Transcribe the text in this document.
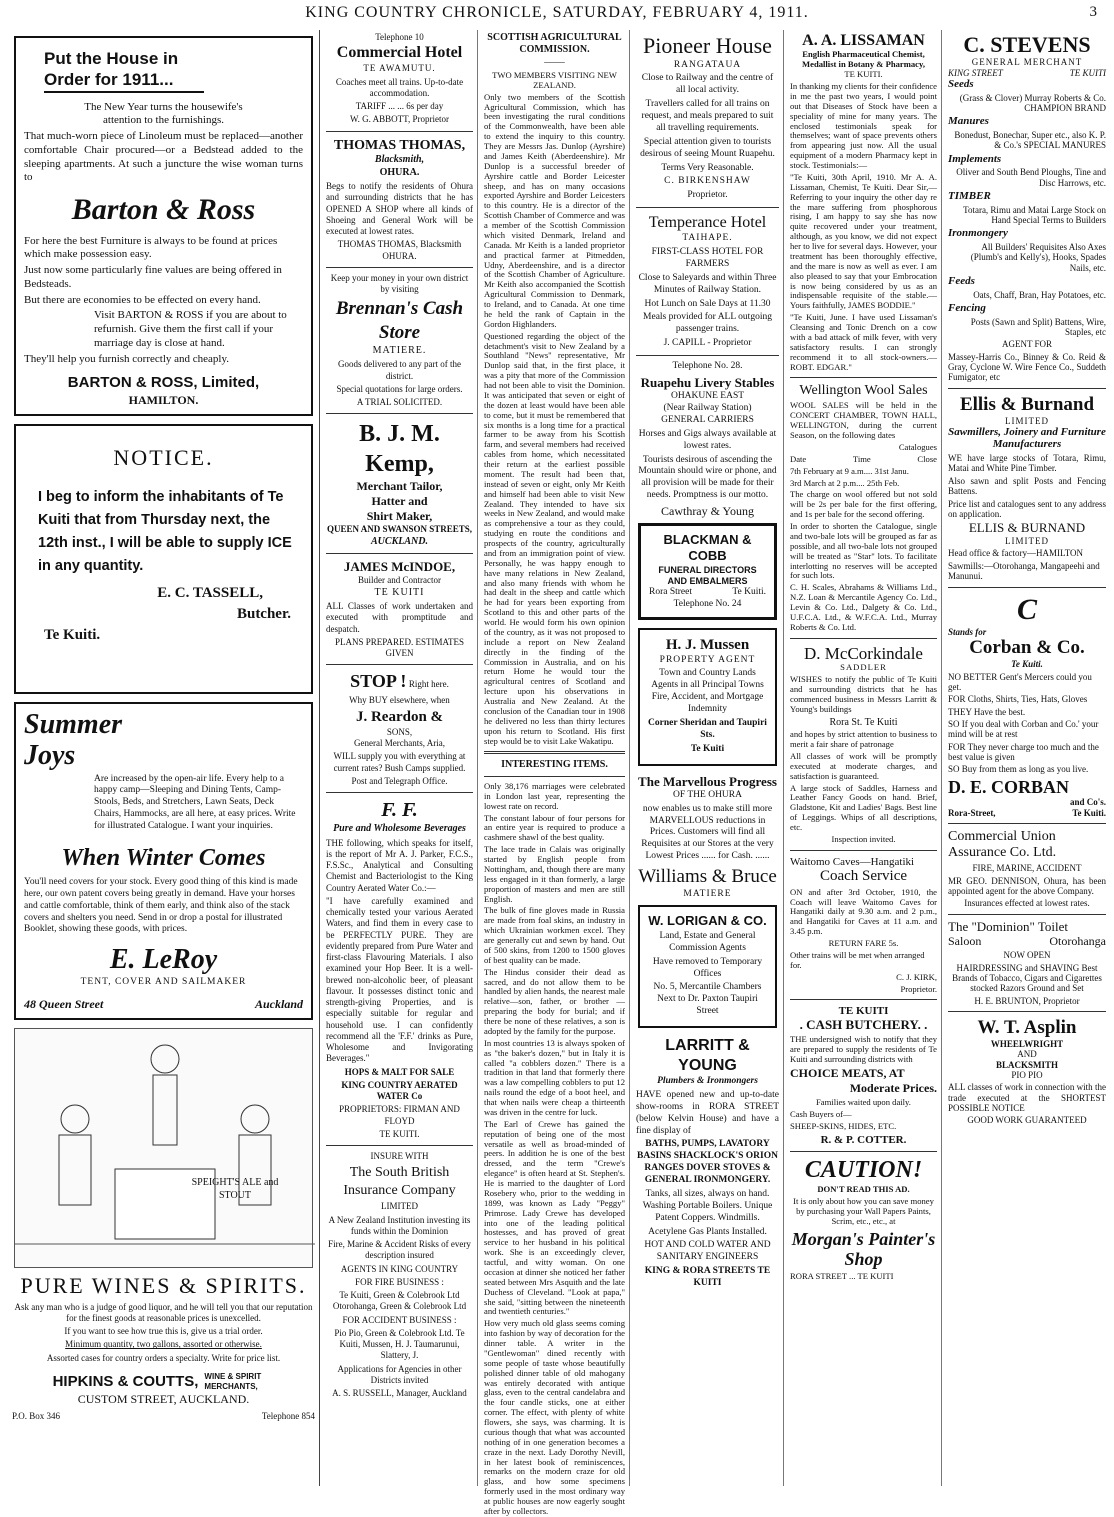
KING COUNTRY CHRONICLE, SATURDAY, FEBRUARY 4, 1911.	3
Put the House in Order for 1911...

The New Year turns the housewife's attention to the furnishings.

That much-worn piece of Linoleum must be replaced—another comfortable Chair procured—or a Bedstead added to the sleeping apartments. At such a juncture the wise woman turns to

Barton & Ross

For here the best Furniture is always to be found at prices which make possession easy.

Just now some particularly fine values are being offered in Bedsteads.

But there are economies to be effected on every hand.

Visit BARTON & ROSS if you are about to refurnish. Give them the first call if your marriage day is close at hand.

They'll help you furnish correctly and cheaply.

BARTON & ROSS, Limited,
HAMILTON.
NOTICE.

I beg to inform the inhabitants of Te Kuiti that from Thursday next, the 12th inst., I will be able to supply ICE in any quantity.

E. C. TASSELL,

Butcher.

Te Kuiti.

Summer Joys

Are increased by the open-air life. Every help to a happy camp—Sleeping and Dining Tents, Camp-Stools, Beds, and Stretchers, Lawn Seats, Deck Chairs, Hammocks, are all here, at easy prices. Write for illustrated Catalogue. I want your inquiries.

When Winter Comes

You'll need covers for your stock. Every good thing of this kind is made here, our own patent covers being greatly in demand. Have your horses and cattle comfortable, think of them early, and think also of the stack covers and shelters you need. Send in or drop a postal for illustrated Booklet, showing these goods, with prices.

E. LeRoy
TENT, COVER AND SAILMAKER
48 Queen Street	Auckland
SPEIGHT'S ALE and STOUT
PURE WINES & SPIRITS.

Ask any man who is a judge of good liquor, and he will tell you that our reputation for the finest goods at reasonable prices is unexcelled.

If you want to see how true this is, give us a trial order.

Minimum quantity, two gallons, assorted or otherwise.

Assorted cases for country orders a specialty. Write for price list.

HIPKINS & COUTTS, WINE & SPIRIT MERCHANTS,
CUSTOM STREET, AUCKLAND.
P.O. Box 346	Telephone 854
Telephone 10
Commercial Hotel
TE AWAMUTU.

Coaches meet all trains. Up-to-date accommodation.

TARIFF ... ... 6s per day

W. G. ABBOTT, Proprietor

THOMAS THOMAS,
Blacksmith,
OHURA.

Begs to notify the residents of Ohura and surrounding districts that he has OPENED A SHOP where all kinds of Shoeing and General Work will be executed at lowest rates.

THOMAS THOMAS, Blacksmith OHURA.

Keep your money in your own district by visiting

Brennan's Cash Store
MATIERE.

Goods delivered to any part of the district.

Special quotations for large orders.

A TRIAL SOLICITED.

B. J. M. Kemp,
Merchant Tailor,
Hatter and
Shirt Maker,
QUEEN AND SWANSON STREETS,
AUCKLAND.
JAMES McINDOE,
Builder and Contractor
TE KUITI

ALL Classes of work undertaken and executed with promptitude and despatch.

PLANS PREPARED. ESTIMATES GIVEN

STOP ! Right here.

Why BUY elsewhere, when

J. Reardon &
SONS,
General Merchants, Aria,

WILL supply you with everything at current rates? Bush Camps supplied.

Post and Telegraph Office.

F. F.
Pure and Wholesome Beverages

THE following, which speaks for itself, is the report of Mr A. J. Parker, F.C.S., F.S.Sc., Analytical and Consulting Chemist and Bacteriologist to the King Country Aerated Water Co.:—

"I have carefully examined and chemically tested your various Aerated Waters, and find them in every case to be PERFECTLY PURE. They are evidently prepared from Pure Water and first-class Flavouring Materials. I also examined your Hop Beer. It is a well-brewed non-alcoholic beer, of pleasant flavour. It possesses distinct tonic and strength-giving Properties, and is especially suitable for regular and household use. I can confidently recommend all the 'F.F.' drinks as Pure, Wholesome and Invigorating Beverages."

HOPS & MALT FOR SALE

KING COUNTRY AERATED WATER Co

PROPRIETORS: FIRMAN AND FLOYD

TE KUITI.

INSURE WITH

The South British Insurance Company

LIMITED

A New Zealand Institution investing its funds within the Dominion

Fire, Marine & Accident Risks of every description insured

AGENTS IN KING COUNTRY

FOR FIRE BUSINESS :

Te Kuiti, Green & Colebrook Ltd Otorohanga, Green & Colebrook Ltd

FOR ACCIDENT BUSINESS :

Pio Pio, Green & Colebrook Ltd. Te Kuiti, Mussen, H. J. Taumarunui, Slattery, J.

Applications for Agencies in other Districts invited

A. S. RUSSELL, Manager, Auckland

SCOTTISH AGRICULTURAL COMMISSION.
⸻
TWO MEMBERS VISITING NEW ZEALAND.

Only two members of the Scottish Agricultural Commission, which has been investigating the rural conditions of the Commonwealth, have been able to extend the inquiry to this country. They are Messrs Jas. Dunlop (Ayrshire) and James Keith (Aberdeenshire). Mr Dunlop is a successful breeder of Ayrshire cattle and Border Leicester sheep, and has on many occasions exported Ayrshire and Border Leicesters to this country. He is a director of the Scottish Chamber of Commerce and was a member of the Scottish Commission which visited Denmark, Ireland and Canada. Mr Keith is a landed proprietor and practical farmer at Pitmedden, Udny, Aberdeenshire, and is a director of the Scottish Chamber of Agriculture. Mr Keith also accompanied the Scottish Agricultural Commission to Denmark, to Ireland, and to Canada. At one time he held the rank of Captain in the Gordon Highlanders.

Questioned regarding the object of the detachment's visit to New Zealand by a Southland "News" representative, Mr Dunlop said that, in the first place, it was a pity that more of the Commission had not been able to visit the Dominion. It was anticipated that seven or eight of the dozen at least would have been able to come, but it must be remembered that six months is a long time for a practical farmer to be away from his Scottish farm, and several members had received cables from home, which necessitated their return at the earliest possible moment. The result had been that, instead of seven or eight, only Mr Keith and himself had been able to visit New Zealand. They intended to have six weeks in New Zealand, and would make as comprehensive a tour as they could, studying en route the conditions and prospects of the country, agriculturally and from an immigration point of view. Personally, he was happy enough to have many relations in New Zealand, and also many friends with whom he had dealt in the sheep and cattle which he had for years been exporting from Scotland to this and other parts of the world. He would form his own opinion of the country, as it was not proposed to include a report on New Zealand directly in the finding of the Commission in Australia, and on his return Home he would tour the agricultural centres of Scotland and lecture upon his observations in Australia and New Zealand. At the conclusion of the Canadian tour in 1908 he delivered no less than thirty lectures upon his return to Scotland. His first step would be to visit Lake Wakatipu.

INTERESTING ITEMS.

Only 38,176 marriages were celebrated in London last year, representing the lowest rate on record.

The constant labour of four persons for an entire year is required to produce a cashmere shawl of the best quality.

The lace trade in Calais was originally started by English people from Nottingham, and, though there are many less engaged in it than formerly, a large proportion of masters and men are still English.

The bulk of fine gloves made in Russia are made from foal skins, an industry in which Ukrainian workmen excel. They are generally cut and sewn by hand. Out of 500 skins, from 1200 to 1500 gloves of best quality can be made.

The Hindus consider their dead as sacred, and do not allow them to be handled by alien hands, the nearest male relative—son, father, or brother —preparing the body for burial; and if there be none of these relatives, a son is adopted by the family for the purpose.

In most countries 13 is always spoken of as "the baker's dozen," but in Italy it is called "a cobblers dozen." There is a tradition in that land that formerly there was a law compelling cobblers to put 12 nails round the edge of a boot heel, and that when nails were cheap a thirteenth was driven in the centre for luck.

The Earl of Crewe has gained the reputation of being one of the most versatile as well as broad-minded of peers. In addition he is one of the best dressed, and the term "Crewe's elegance" is often heard at St. Stephen's. He is married to the daughter of Lord Rosebery who, prior to the wedding in 1899, was known as Lady "Peggy" Primrose. Lady Crewe has developed into one of the leading political hostesses, and has proved of great service to her husband in his political work. She is an exceedingly clever, tactful, and witty woman. On one occasion at dinner she noticed her father seated between Mrs Asquith and the late Duchess of Cleveland. "Look at papa," she said, "sitting between the nineteenth and twentieth centuries."

How very much old glass seems coming into fashion by way of decoration for the dinner table. A writer in the "Gentlewoman" dined recently with some people of taste whose beautifully polished dinner table of old mahogany was entirely decorated with antique glass, even to the central candelabra and the four candle sticks, one at either corner. The effect, with plenty of white flowers, she says, was charming. It is curious though that what was accounted nothing of in one generation becomes a craze in the next. Lady Dorothy Nevill, in her latest book of reminiscences, remarks on the modern craze for old glass, and how some specimens formerly used in the most ordinary way at public houses are now eagerly sought after by collectors.

Pioneer House
RANGATAUA

Close to Railway and the centre of all local activity.

Travellers called for all trains on request, and meals prepared to suit all travelling requirements.

Special attention given to tourists desirous of seeing Mount Ruapehu.

Terms Very Reasonable.

C. BIRKENSHAW

Proprietor.

Temperance Hotel
TAIHAPE.

FIRST-CLASS HOTEL FOR FARMERS

Close to Saleyards and within Three Minutes of Railway Station.

Hot Lunch on Sale Days at 11.30

Meals provided for ALL outgoing passenger trains.

J. CAPILL - Proprietor

Telephone No. 28.

Ruapehu Livery Stables
OHAKUNE EAST
(Near Railway Station)
GENERAL CARRIERS

Horses and Gigs always available at lowest rates.

Tourists desirous of ascending the Mountain should wire or phone, and all provision will be made for their needs. Promptness is our motto.

Cawthray & Young

BLACKMAN & COBB
FUNERAL DIRECTORS
AND EMBALMERS
Rora Street	Te Kuiti.
Telephone No. 24
H. J. Mussen
PROPERTY AGENT

Town and Country Lands Agents in all Principal Towns Fire, Accident, and Mortgage Indemnity

Corner Sheridan and Taupiri Sts.

Te Kuiti

The Marvellous Progress
OF THE OHURA

now enables us to make still more MARVELLOUS reductions in Prices. Customers will find all Requisites at our Stores at the very Lowest Prices ...... for Cash. ......

Williams & Bruce
MATIERE
W. LORIGAN & CO.

Land, Estate and General Commission Agents

Have removed to Temporary Offices

No. 5, Mercantile Chambers Next to Dr. Paxton Taupiri Street

LARRITT & YOUNG
Plumbers & Ironmongers

HAVE opened new and up-to-date show-rooms in RORA STREET (below Kelvin House) and have a fine display of

BATHS, PUMPS, LAVATORY BASINS SHACKLOCK'S ORION RANGES DOVER STOVES & GENERAL IRONMONGERY.

Tanks, all sizes, always on hand. Washing Portable Boilers. Unique Patent Coppers. Windmills.

Acetylene Gas Plants Installed.

HOT AND COLD WATER AND SANITARY ENGINEERS

KING & RORA STREETS TE KUITI

A. A. LISSAMAN
English Pharmaceutical Chemist, Medallist in Botany & Pharmacy,
TE KUITI.

In thanking my clients for their confidence in me the past two years, I would point out that Diseases of Stock have been a speciality of mine for many years. The enclosed testimonials speak for themselves; want of space prevents others from appearing just now. All the usual equipment of a modern Pharmacy kept in stock. Testimonials:—

"Te Kuiti, 30th April, 1910. Mr A. A. Lissaman, Chemist, Te Kuiti. Dear Sir,—Referring to your inquiry the other day re the mare suffering from phosphorous rising, I am happy to say she has now quite recovered under your treatment, although, as you know, we did not expect her to live for several days. However, your treatment has been thoroughly effective, and the mare is now as well as ever. I am also pleased to say that your Embrocation is now being considered by us as an indispensable requisite of the stable.—Yours faithfully, JAMES BODDIE."

"Te Kuiti, June. I have used Lissaman's Cleansing and Tonic Drench on a cow with a bad attack of milk fever, with very satisfactory results. I can strongly recommend it to all stock-owners.—ROBT. EDGAR."

Wellington Wool Sales

WOOL SALES will be held in the CONCERT CHAMBER, TOWN HALL, WELLINGTON, during the current Season, on the following dates

Catalogues

Date	Time	Close

7th February at 9 a.m.... 31st Janu.

3rd March at 2 p.m.... 25th Feb.

The charge on wool offered but not sold will be 2s per bale for the first offering, and 1s per bale for the second offering.

In order to shorten the Catalogue, single and two-bale lots will be grouped as far as possible, and all two-bale lots not grouped will be treated as "Star" lots. To facilitate interlotting no reserves will be accepted for such lots.

C. H. Scales, Abrahams & Williams Ltd., N.Z. Loan & Mercantile Agency Co. Ltd., Levin & Co. Ltd., Dalgety & Co. Ltd., U.F.C.A. Ltd., & W.F.C.A. Ltd., Murray Roberts & Co. Ltd.

D. McCorkindale
SADDLER

WISHES to notify the public of Te Kuiti and surrounding districts that he has commenced business in Messrs Larritt & Young's buildings

Rora St. Te Kuiti

and hopes by strict attention to business to merit a fair share of patronage

All classes of work will be promptly executed at moderate charges, and satisfaction is guaranteed.

A large stock of Saddles, Harness and Leather Fancy Goods on hand. Brief, Gladstone, Kit and Ladies' Bags. Best line of Leggings. Whips of all descriptions, etc.

Inspection invited.

Waitomo Caves—Hangatiki
Coach Service

ON and after 3rd October, 1910, the Coach will leave Waitomo Caves for Hangatiki daily at 9.30 a.m. and 2 p.m., and Hangatiki for Caves at 11 a.m. and 3.45 p.m.

RETURN FARE 5s.

Other trains will be met when arranged for.

C. J. KIRK,

Proprietor.

TE KUITI
. CASH BUTCHERY. .

THE undersigned wish to notify that they are prepared to supply the residents of Te Kuiti and surrounding districts with

CHOICE MEATS, AT

Moderate Prices.

Families waited upon daily.

Cash Buyers of—

SHEEP-SKINS, HIDES, ETC.

R. & P. COTTER.

CAUTION!
DON'T READ THIS AD.

It is only about how you can save money by purchasing your Wall Papers Paints, Scrim, etc., etc., at

Morgan's Painter's Shop

RORA STREET ... TE KUITI

C. STEVENS
GENERAL MERCHANT
KING STREET	TE KUITI
Seeds

(Grass & Clover) Murray Roberts & Co. CHAMPION BRAND

Manures

Bonedust, Bonechar, Super etc., also K. P. & Co.'s SPECIAL MANURES

Implements

Oliver and South Bend Ploughs, Tine and Disc Harrows, etc.

TIMBER

Totara, Rimu and Matai Large Stock on Hand Special Terms to Builders

Ironmongery

All Builders' Requisites Also Axes (Plumb's and Kelly's), Hooks, Spades Nails, etc.

Feeds

Oats, Chaff, Bran, Hay Potatoes, etc.

Fencing

Posts (Sawn and Split) Battens, Wire, Staples, etc

AGENT FOR

Massey-Harris Co., Binney & Co. Reid & Gray, Cyclone W. Wire Fence Co., Suddeth Fumigator, etc

Ellis & Burnand
LIMITED
Sawmillers, Joinery and Furniture Manufacturers

WE have large stocks of Totara, Rimu, Matai and White Pine Timber.

Also sawn and split Posts and Fencing Battens.

Price list and catalogues sent to any address on application.

ELLIS & BURNAND
LIMITED

Head office & factory—HAMILTON

Sawmills:—Otorohanga, Mangapeehi and Manunui.

C
Stands for
Corban & Co.
Te Kuiti.

NO BETTER Gent's Mercers could you get.

FOR Cloths, Shirts, Ties, Hats, Gloves

THEY Have the best.

SO If you deal with Corban and Co.' your mind will be at rest

FOR They never charge too much and the best value is given

SO Buy from them as long as you live.

D. E. CORBAN
and Co's.
Rora-Street,	Te Kuiti.
Commercial Union Assurance Co. Ltd.

FIRE, MARINE, ACCIDENT

MR GEO. DENNISON, Ohura, has been appointed agent for the above Company.

Insurances effected at lowest rates.

The "Dominion" Toilet
Saloon	Otorohanga

NOW OPEN

HAIRDRESSING and SHAVING Best Brands of Tobacco, Cigars and Cigarettes stocked Razors Ground and Set

H. E. BRUNTON, Proprietor

W. T. Asplin
WHEELWRIGHT
AND
BLACKSMITH
PIO PIO

ALL classes of work in connection with the trade executed at the SHORTEST POSSIBLE NOTICE

GOOD WORK GUARANTEED
